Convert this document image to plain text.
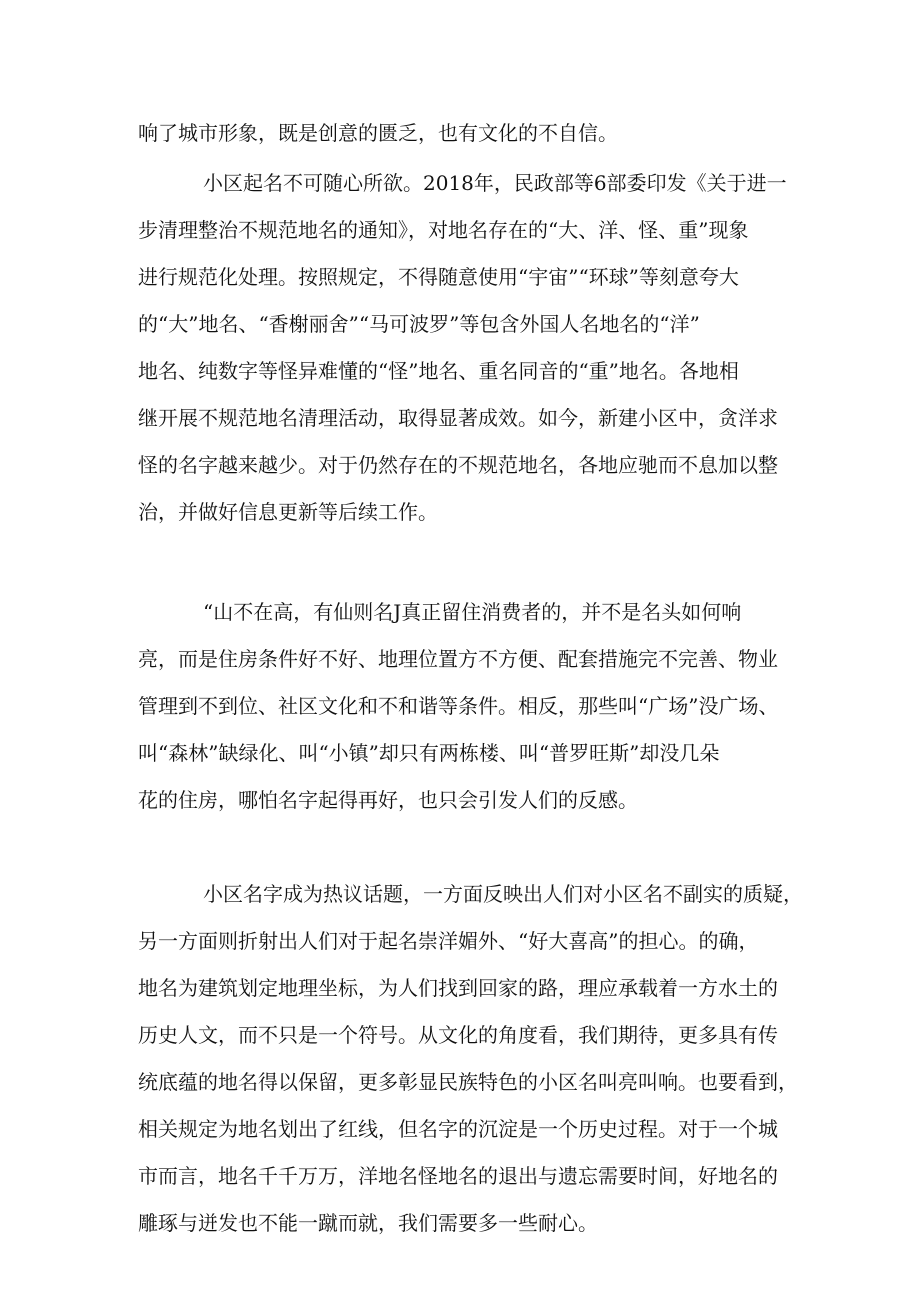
响了城市形象，既是创意的匮乏，也有文化的不自信。
小区起名不可随心所欲。2018年，民政部等6部委印发《关于进一
步清理整治不规范地名的通知》，对地名存在的“大、洋、怪、重”现象
进行规范化处理。按照规定，不得随意使用“宇宙”“环球”等刻意夸大
的“大”地名、“香榭丽舍”“马可波罗”等包含外国人名地名的“洋”
地名、纯数字等怪异难懂的“怪”地名、重名同音的“重”地名。各地相
继开展不规范地名清理活动，取得显著成效。如今，新建小区中，贪洋求
怪的名字越来越少。对于仍然存在的不规范地名，各地应驰而不息加以整
治，并做好信息更新等后续工作。
“山不在高，有仙则名J真正留住消费者的，并不是名头如何响
亮，而是住房条件好不好、地理位置方不方便、配套措施完不完善、物业
管理到不到位、社区文化和不和谐等条件。相反，那些叫“广场”没广场、
叫“森林”缺绿化、叫“小镇”却只有两栋楼、叫“普罗旺斯”却没几朵
花的住房，哪怕名字起得再好，也只会引发人们的反感。
小区名字成为热议话题，一方面反映出人们对小区名不副实的质疑，
另一方面则折射出人们对于起名崇洋媚外、“好大喜高”的担心。的确，
地名为建筑划定地理坐标，为人们找到回家的路，理应承载着一方水土的
历史人文，而不只是一个符号。从文化的角度看，我们期待，更多具有传
统底蕴的地名得以保留，更多彰显民族特色的小区名叫亮叫响。也要看到，
相关规定为地名划出了红线，但名字的沉淀是一个历史过程。对于一个城
市而言，地名千千万万，洋地名怪地名的退出与遗忘需要时间，好地名的
雕琢与迸发也不能一蹴而就，我们需要多一些耐心。
